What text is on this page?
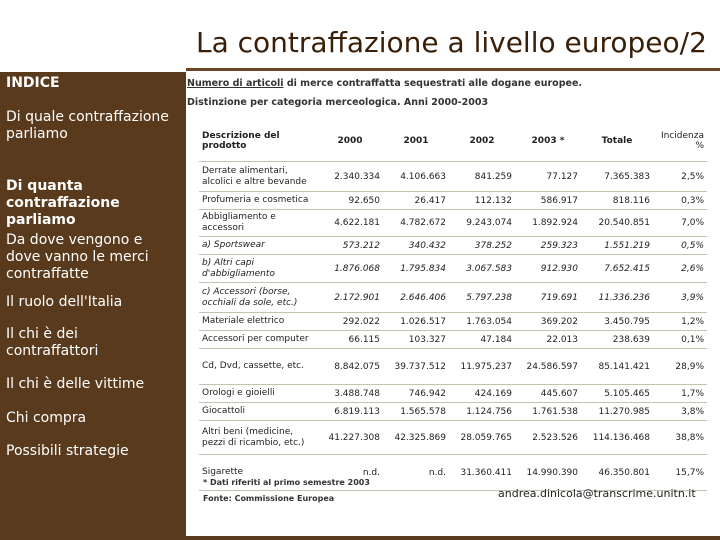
La contraffazione a livello europeo/2
INDICE
Di quale contraffazione parliamo
Di quanta contraffazione parliamo
Da dove vengono e dove vanno le merci contraffatte
Il ruolo dell'Italia
Il chi è dei contraffattori
Il chi è delle vittime
Chi compra
Possibili strategie
Numero di articoli di merce contraffatta sequestrati alle dogane europee.
Distinzione per categoria merceologica. Anni 2000-2003
Descrizione del prodotto	2000	2001	2002	2003 *	Totale	Incidenza %
Derrate alimentari, alcolici e altre bevande	2.340.334	4.106.663	841.259	77.127	7.365.383	2,5%
Profumeria e cosmetica	92.650	26.417	112.132	586.917	818.116	0,3%
Abbigliamento e accessori	4.622.181	4.782.672	9.243.074	1.892.924	20.540.851	7,0%
a) Sportswear	573.212	340.432	378.252	259.323	1.551.219	0,5%
b) Altri capi d'abbigliamento	1.876.068	1.795.834	3.067.583	912.930	7.652.415	2,6%
c) Accessori (borse, occhiali da sole, etc.)	2.172.901	2.646.406	5.797.238	719.691	11.336.236	3,9%
Materiale elettrico	292.022	1.026.517	1.763.054	369.202	3.450.795	1,2%
Accessori per computer	66.115	103.327	47.184	22.013	238.639	0,1%
Cd, Dvd, cassette, etc.	8.842.075	39.737.512	11.975.237	24.586.597	85.141.421	28,9%
Orologi e gioielli	3.488.748	746.942	424.169	445.607	5.105.465	1,7%
Giocattoli	6.819.113	1.565.578	1.124.756	1.761.538	11.270.985	3,8%
Altri beni (medicine, pezzi di ricambio, etc.)	41.227.308	42.325.869	28.059.765	2.523.526	114.136.468	38,8%
Sigarette	n.d.	n.d.	31.360.411	14.990.390	46.350.801	15,7%
* Dati riferiti al primo semestre 2003
Fonte: Commissione Europea	andrea.dinicola@transcrime.unitn.it
